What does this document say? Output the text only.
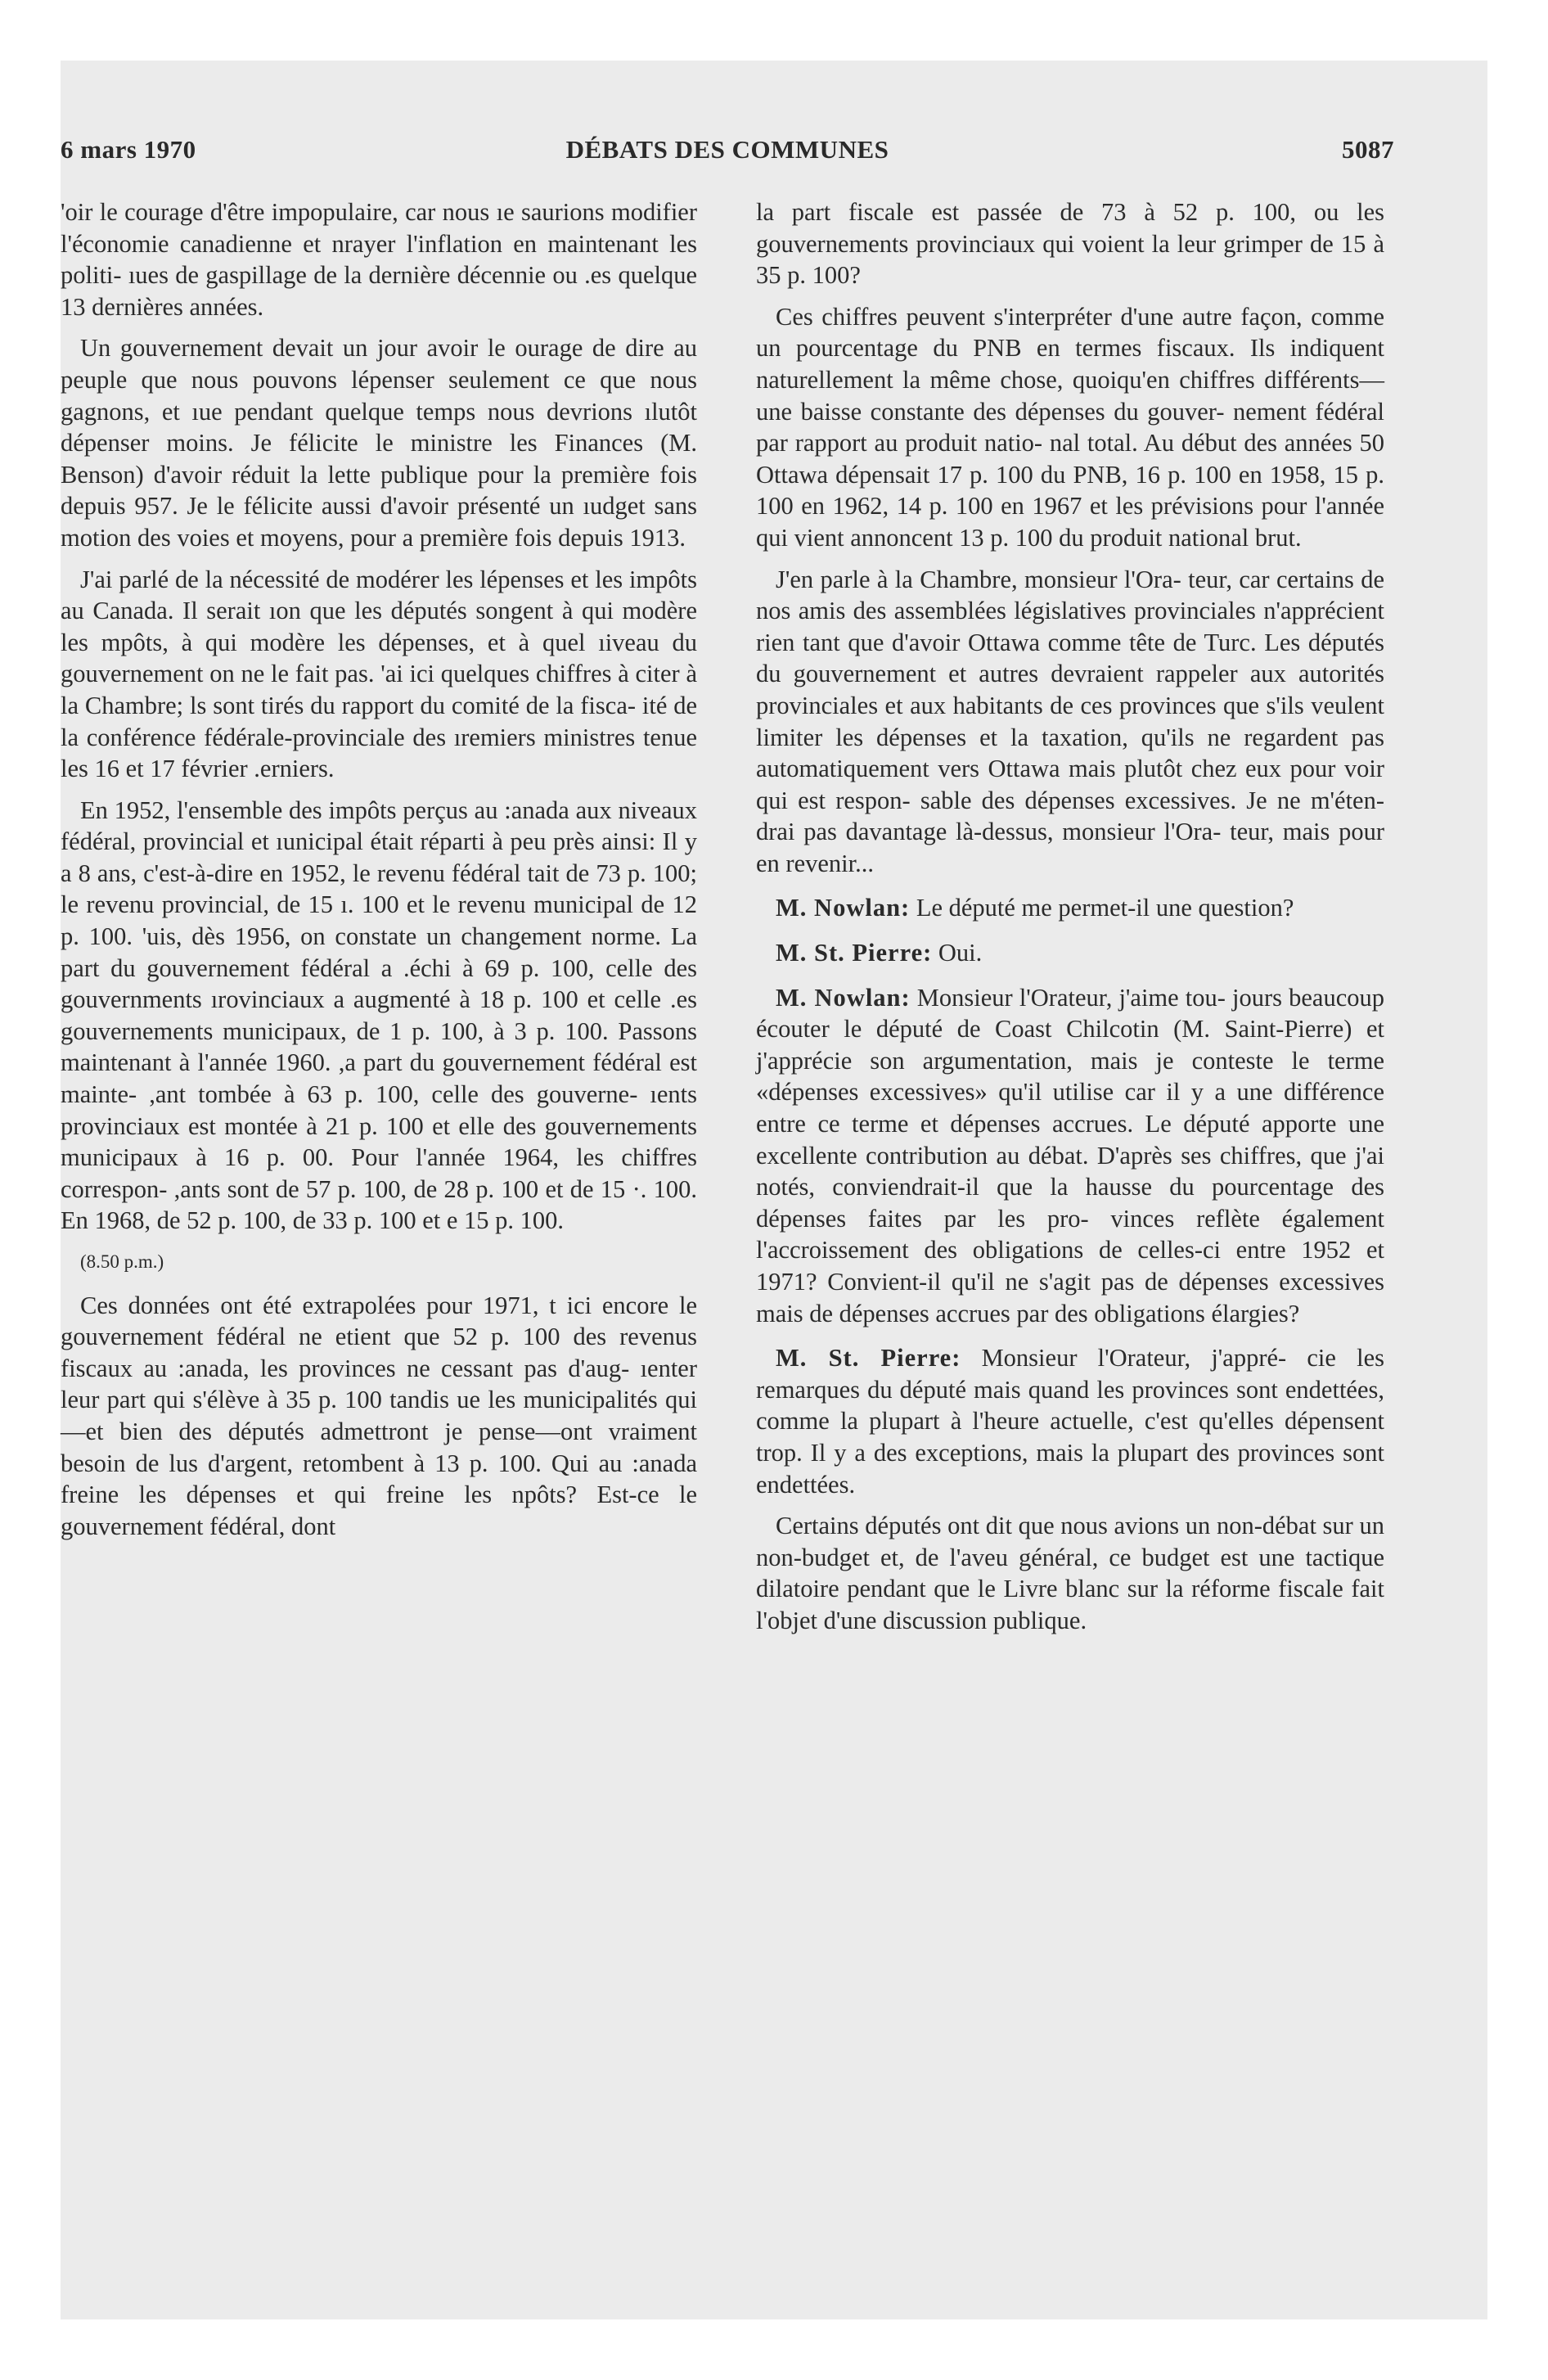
6 mars 1970	DÉBATS DES COMMUNES	5087

'oir le courage d'être impopulaire, car nous ıe saurions modifier l'économie canadienne et nrayer l'inflation en maintenant les politi- ıues de gaspillage de la dernière décennie ou .es quelque 13 dernières années.

Un gouvernement devait un jour avoir le ourage de dire au peuple que nous pouvons lépenser seulement ce que nous gagnons, et ıue pendant quelque temps nous devrions ılutôt dépenser moins. Je félicite le ministre les Finances (M. Benson) d'avoir réduit la lette publique pour la première fois depuis 957. Je le félicite aussi d'avoir présenté un ıudget sans motion des voies et moyens, pour a première fois depuis 1913.

J'ai parlé de la nécessité de modérer les lépenses et les impôts au Canada. Il serait ıon que les députés songent à qui modère les mpôts, à qui modère les dépenses, et à quel ıiveau du gouvernement on ne le fait pas. 'ai ici quelques chiffres à citer à la Chambre; ls sont tirés du rapport du comité de la fisca- ité de la conférence fédérale-provinciale des ıremiers ministres tenue les 16 et 17 février .erniers.

En 1952, l'ensemble des impôts perçus au :anada aux niveaux fédéral, provincial et ıunicipal était réparti à peu près ainsi: Il y a 8 ans, c'est-à-dire en 1952, le revenu fédéral tait de 73 p. 100; le revenu provincial, de 15 ı. 100 et le revenu municipal de 12 p. 100. 'uis, dès 1956, on constate un changement norme. La part du gouvernement fédéral a .échi à 69 p. 100, celle des gouvernments ırovinciaux a augmenté à 18 p. 100 et celle .es gouvernements municipaux, de 1 p. 100, à 3 p. 100. Passons maintenant à l'année 1960. ,a part du gouvernement fédéral est mainte- ,ant tombée à 63 p. 100, celle des gouverne- ıents provinciaux est montée à 21 p. 100 et elle des gouvernements municipaux à 16 p. 00. Pour l'année 1964, les chiffres correspon- ,ants sont de 57 p. 100, de 28 p. 100 et de 15 ·. 100. En 1968, de 52 p. 100, de 33 p. 100 et e 15 p. 100.

(8.50 p.m.)

Ces données ont été extrapolées pour 1971, t ici encore le gouvernement fédéral ne etient que 52 p. 100 des revenus fiscaux au :anada, les provinces ne cessant pas d'aug- ıenter leur part qui s'élève à 35 p. 100 tandis ue les municipalités qui—et bien des députés admettront je pense—ont vraiment besoin de lus d'argent, retombent à 13 p. 100. Qui au :anada freine les dépenses et qui freine les npôts? Est-ce le gouvernement fédéral, dont

la part fiscale est passée de 73 à 52 p. 100, ou les gouvernements provinciaux qui voient la leur grimper de 15 à 35 p. 100?

Ces chiffres peuvent s'interpréter d'une autre façon, comme un pourcentage du PNB en termes fiscaux. Ils indiquent naturellement la même chose, quoiqu'en chiffres différents— une baisse constante des dépenses du gouver- nement fédéral par rapport au produit natio- nal total. Au début des années 50 Ottawa dépensait 17 p. 100 du PNB, 16 p. 100 en 1958, 15 p. 100 en 1962, 14 p. 100 en 1967 et les prévisions pour l'année qui vient annoncent 13 p. 100 du produit national brut.

J'en parle à la Chambre, monsieur l'Ora- teur, car certains de nos amis des assemblées législatives provinciales n'apprécient rien tant que d'avoir Ottawa comme tête de Turc. Les députés du gouvernement et autres devraient rappeler aux autorités provinciales et aux habitants de ces provinces que s'ils veulent limiter les dépenses et la taxation, qu'ils ne regardent pas automatiquement vers Ottawa mais plutôt chez eux pour voir qui est respon- sable des dépenses excessives. Je ne m'éten- drai pas davantage là-dessus, monsieur l'Ora- teur, mais pour en revenir...

M. Nowlan: Le député me permet-il une question?

M. St. Pierre: Oui.

M. Nowlan: Monsieur l'Orateur, j'aime tou- jours beaucoup écouter le député de Coast Chilcotin (M. Saint-Pierre) et j'apprécie son argumentation, mais je conteste le terme «dépenses excessives» qu'il utilise car il y a une différence entre ce terme et dépenses accrues. Le député apporte une excellente contribution au débat. D'après ses chiffres, que j'ai notés, conviendrait-il que la hausse du pourcentage des dépenses faites par les pro- vinces reflète également l'accroissement des obligations de celles-ci entre 1952 et 1971? Convient-il qu'il ne s'agit pas de dépenses excessives mais de dépenses accrues par des obligations élargies?

M. St. Pierre: Monsieur l'Orateur, j'appré- cie les remarques du député mais quand les provinces sont endettées, comme la plupart à l'heure actuelle, c'est qu'elles dépensent trop. Il y a des exceptions, mais la plupart des provinces sont endettées.

Certains députés ont dit que nous avions un non-débat sur un non-budget et, de l'aveu général, ce budget est une tactique dilatoire pendant que le Livre blanc sur la réforme fiscale fait l'objet d'une discussion publique.
